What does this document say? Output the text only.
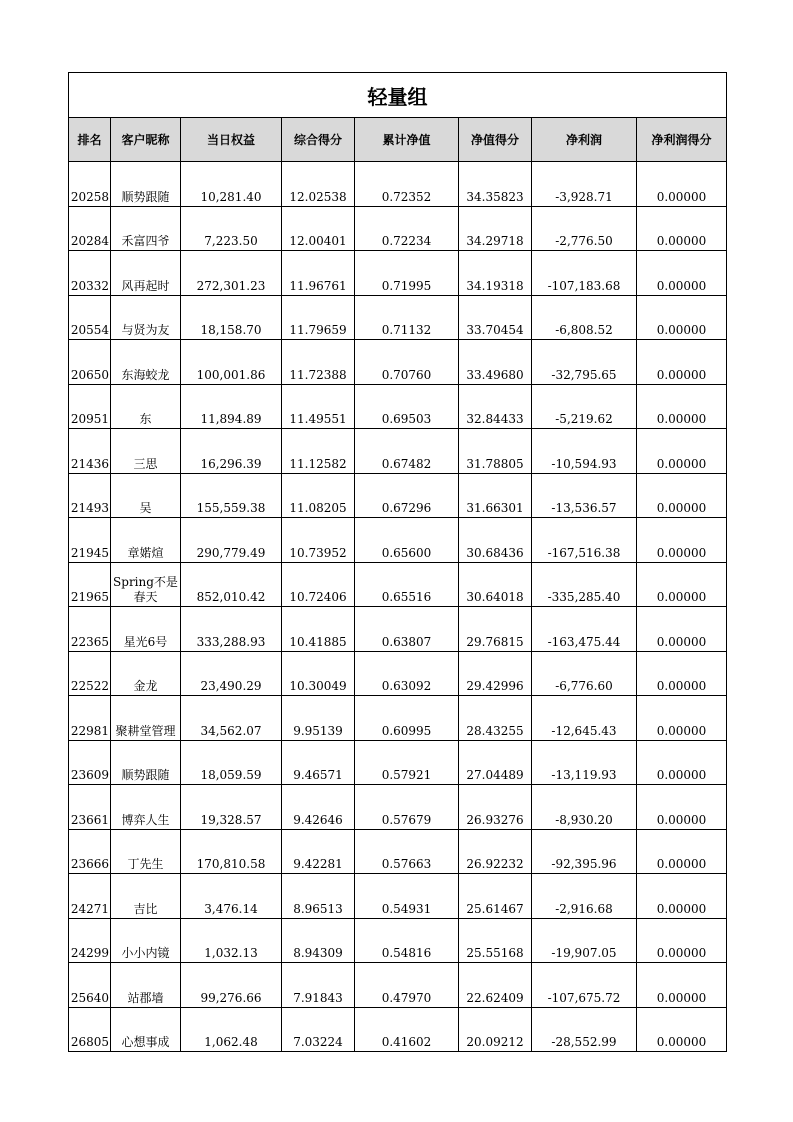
轻量组							
排名	客户昵称	当日权益	综合得分	累计净值	净值得分	净利润	净利润得分
20258	顺势跟随	10,281.40	12.02538	0.72352	34.35823	-3,928.71	0.00000
20284	禾富四爷	7,223.50	12.00401	0.72234	34.29718	-2,776.50	0.00000
20332	风再起时	272,301.23	11.96761	0.71995	34.19318	-107,183.68	0.00000
20554	与贤为友	18,158.70	11.79659	0.71132	33.70454	-6,808.52	0.00000
20650	东海蛟龙	100,001.86	11.72388	0.70760	33.49680	-32,795.65	0.00000
20951	东	11,894.89	11.49551	0.69503	32.84433	-5,219.62	0.00000
21436	三思	16,296.39	11.12582	0.67482	31.78805	-10,594.93	0.00000
21493	吴	155,559.38	11.08205	0.67296	31.66301	-13,536.57	0.00000
21945	章婼煊	290,779.49	10.73952	0.65600	30.68436	-167,516.38	0.00000
21965	Spring不是春天	852,010.42	10.72406	0.65516	30.64018	-335,285.40	0.00000
22365	星光6号	333,288.93	10.41885	0.63807	29.76815	-163,475.44	0.00000
22522	金龙	23,490.29	10.30049	0.63092	29.42996	-6,776.60	0.00000
22981	聚耕堂管理	34,562.07	9.95139	0.60995	28.43255	-12,645.43	0.00000
23609	顺势跟随	18,059.59	9.46571	0.57921	27.04489	-13,119.93	0.00000
23661	博弈人生	19,328.57	9.42646	0.57679	26.93276	-8,930.20	0.00000
23666	丁先生	170,810.58	9.42281	0.57663	26.92232	-92,395.96	0.00000
24271	吉比	3,476.14	8.96513	0.54931	25.61467	-2,916.68	0.00000
24299	小小内镜	1,032.13	8.94309	0.54816	25.55168	-19,907.05	0.00000
25640	站郡墙	99,276.66	7.91843	0.47970	22.62409	-107,675.72	0.00000
26805	心想事成	1,062.48	7.03224	0.41602	20.09212	-28,552.99	0.00000
